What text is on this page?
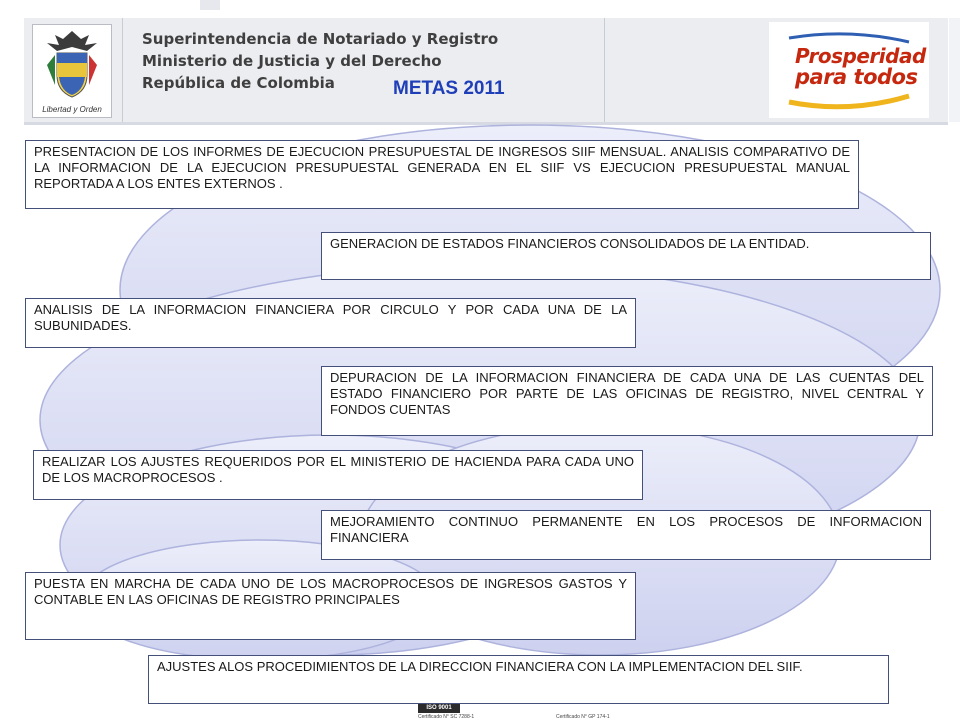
Libertad y Orden
Superintendencia de Notariado y Registro
Ministerio de Justicia y del Derecho
República de Colombia
Prosperidad
para todos
METAS 2011
PRESENTACION DE LOS INFORMES DE EJECUCION PRESUPUESTAL DE INGRESOS SIIF MENSUAL. ANALISIS COMPARATIVO DE LA INFORMACION DE LA EJECUCION PRESUPUESTAL GENERADA EN EL SIIF VS EJECUCION PRESUPUESTAL MANUAL REPORTADA A LOS ENTES EXTERNOS .
GENERACION DE ESTADOS FINANCIEROS CONSOLIDADOS DE LA ENTIDAD.
ANALISIS DE LA INFORMACION FINANCIERA POR CIRCULO Y POR CADA UNA DE LA SUBUNIDADES.
DEPURACION DE LA INFORMACION FINANCIERA DE CADA UNA DE LAS CUENTAS DEL ESTADO FINANCIERO POR PARTE DE LAS OFICINAS DE REGISTRO, NIVEL CENTRAL Y FONDOS CUENTAS
REALIZAR LOS AJUSTES REQUERIDOS POR EL MINISTERIO DE HACIENDA PARA CADA UNO DE LOS MACROPROCESOS .
MEJORAMIENTO CONTINUO PERMANENTE EN LOS PROCESOS DE INFORMACION FINANCIERA
PUESTA EN MARCHA DE CADA UNO DE LOS MACROPROCESOS DE INGRESOS GASTOS Y CONTABLE EN LAS OFICINAS DE REGISTRO PRINCIPALES
AJUSTES ALOS PROCEDIMIENTOS DE LA DIRECCION FINANCIERA CON LA IMPLEMENTACION DEL SIIF.
ISO 9001
Certificado N° SC 7288-1	Certificado N° GP 174-1
